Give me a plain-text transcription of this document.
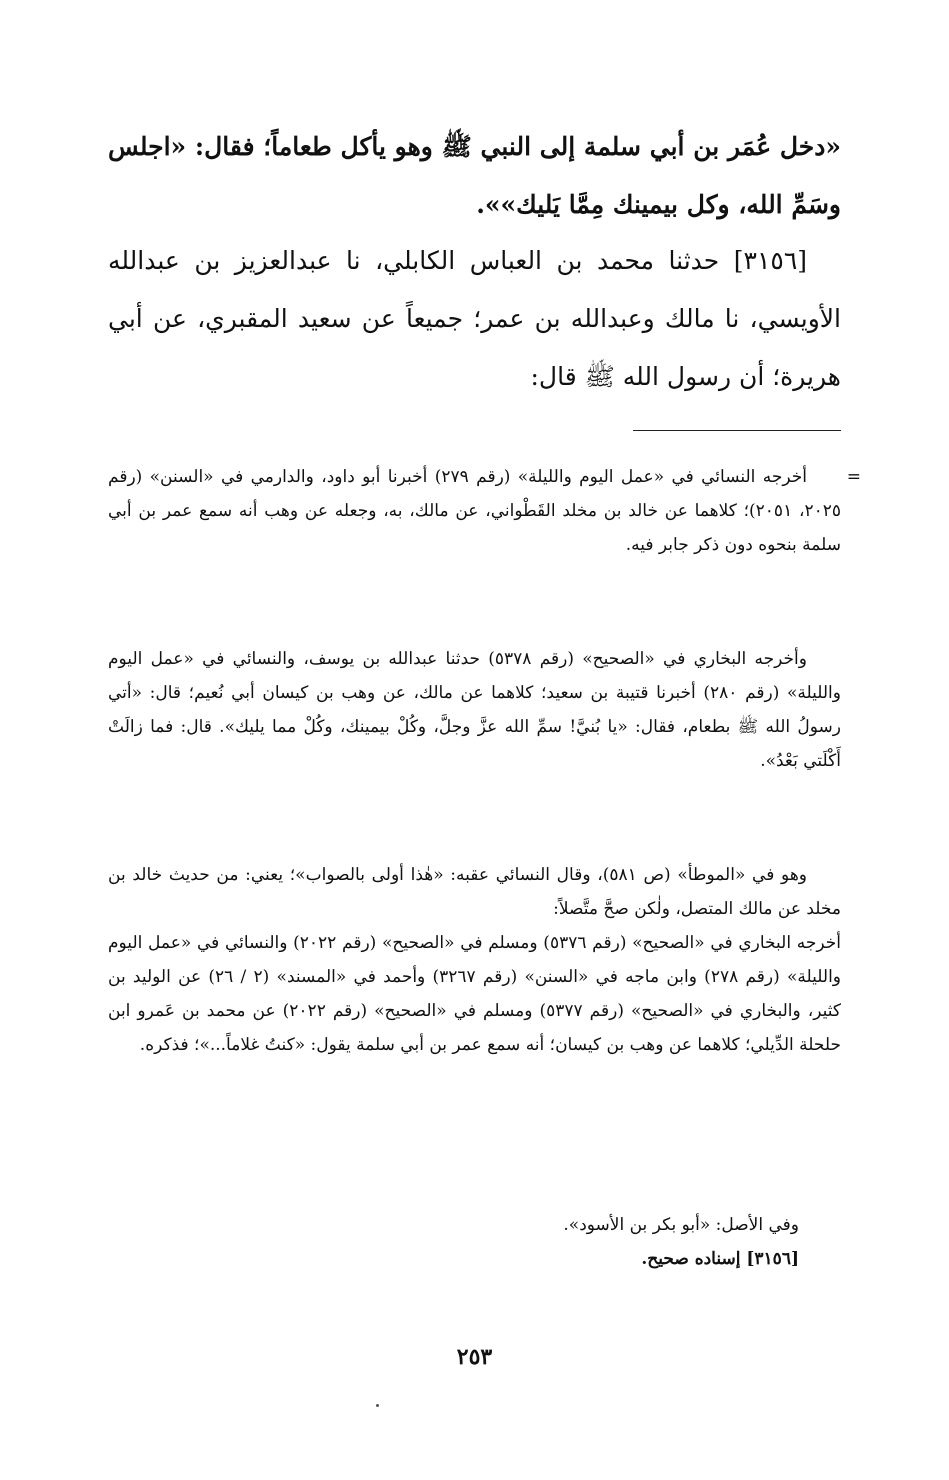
«دخل عُمَر بن أبي سلمة إلى النبي ﷺ وهو يأكل طعاماً؛ فقال: «اجلس وسَمِّ الله، وكل بيمينك مِمَّا يَليك»».

[٣١٥٦] حدثنا محمد بن العباس الكابلي، نا عبدالعزيز بن عبدالله الأويسي، نا مالك وعبدالله بن عمر؛ جميعاً عن سعيد المقبري، عن أبي هريرة؛ أن رسول الله ﷺ قال:

=

أخرجه النسائي في «عمل اليوم والليلة» (رقم ٢٧٩) أخبرنا أبو داود، والدارمي في «السنن» (رقم ٢٠٢٥، ٢٠٥١)؛ كلاهما عن خالد بن مخلد القَطْواني، عن مالك، به، وجعله عن وهب أنه سمع عمر بن أبي سلمة بنحوه دون ذكر جابر فيه.

وأخرجه البخاري في «الصحيح» (رقم ٥٣٧٨) حدثنا عبدالله بن يوسف، والنسائي في «عمل اليوم والليلة» (رقم ٢٨٠) أخبرنا قتيبة بن سعيد؛ كلاهما عن مالك، عن وهب بن كيسان أبي نُعيم؛ قال: «أتي رسولُ الله ﷺ بطعام، فقال: «يا بُنيَّ! سمِّ الله عزَّ وجلَّ، وكُلْ بيمينك، وكُلْ مما يليك». قال: فما زالَتْ أَكْلَتي بَعْدُ».

وهو في «الموطأ» (ص ٥٨١)، وقال النسائي عقبه: «هٰذا أولى بالصواب»؛ يعني: من حديث خالد بن مخلد عن مالك المتصل، ولٰكن صحَّ متَّصلاً:

أخرجه البخاري في «الصحيح» (رقم ٥٣٧٦) ومسلم في «الصحيح» (رقم ٢٠٢٢) والنسائي في «عمل اليوم والليلة» (رقم ٢٧٨) وابن ماجه في «السنن» (رقم ٣٢٦٧) وأحمد في «المسند» (٢ / ٢٦) عن الوليد بن كثير، والبخاري في «الصحيح» (رقم ٥٣٧٧) ومسلم في «الصحيح» (رقم ٢٠٢٢) عن محمد بن عَمرو ابن حلحلة الدِّيلي؛ كلاهما عن وهب بن كيسان؛ أنه سمع عمر بن أبي سلمة يقول: «كنتُ غلاماً...»؛ فذكره.

وفي الأصل: «أبو بكر بن الأسود».

[٣١٥٦] إسناده صحيح.

٢٥٣
